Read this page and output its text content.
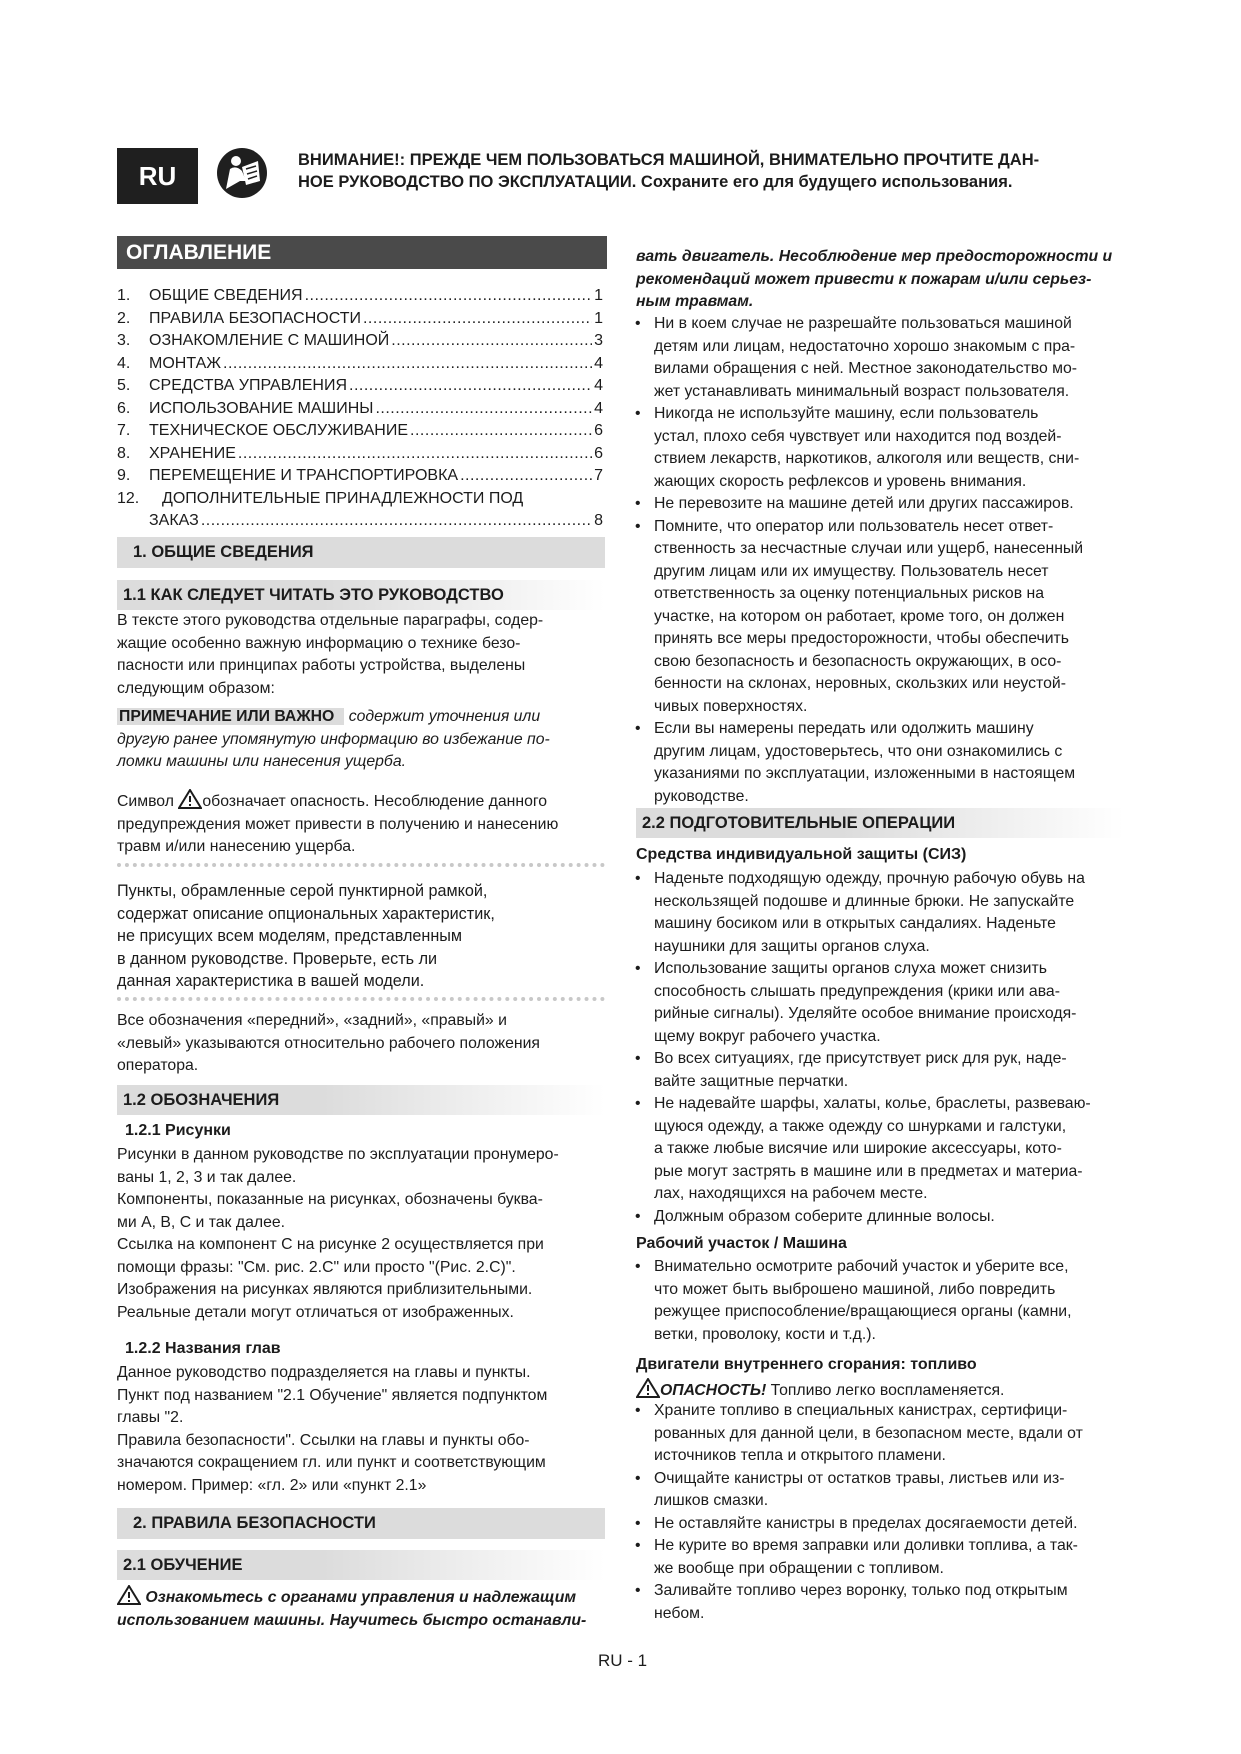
RU
ВНИМАНИЕ!: ПРЕЖДЕ ЧЕМ ПОЛЬЗОВАТЬСЯ МАШИНОЙ, ВНИМАТЕЛЬНО ПРОЧТИТЕ ДАН-
НОЕ РУКОВОДСТВО ПО ЭКСПЛУАТАЦИИ. Сохраните его для будущего использования.
ОГЛАВЛЕНИЕ
1.	ОБЩИЕ СВЕДЕНИЯ .....	1
2.	ПРАВИЛА БЕЗОПАСНОСТИ .....	1
3.	ОЗНАКОМЛЕНИЕ С МАШИНОЙ .....	3
4.	МОНТАЖ .....	4
5.	СРЕДСТВА УПРАВЛЕНИЯ .....	4
6.	ИСПОЛЬЗОВАНИЕ МАШИНЫ .....	4
7.	ТЕХНИЧЕСКОЕ ОБСЛУЖИВАНИЕ .....	6
8.	ХРАНЕНИЕ .....	6
9.	ПЕРЕМЕЩЕНИЕ И ТРАНСПОРТИРОВКА .....	7
12.	ДОПОЛНИТЕЛЬНЫЕ ПРИНАДЛЕЖНОСТИ ПОД
ЗАКАЗ .....	8
1. ОБЩИЕ СВЕДЕНИЯ
1.1 КАК СЛЕДУЕТ ЧИТАТЬ ЭТО РУКОВОДСТВО
В тексте этого руководства отдельные парагрaфы, содер-
жащие особенно важную информацию о технике безо-
пасности или принципах работы устройства, выделены
следующим образом:
ПРИМЕЧАНИЕ ИЛИ ВАЖНО содержит уточнения или
другую ранее упомянутую информацию во избежание по-
ломки машины или нанесения ущерба.
Символ обозначает опасность. Несоблюдение данного
предупреждения может привести в получению и нанесению
травм и/или нанесению ущерба.
Пункты, обрамленные серой пунктирной рамкой,
содержат описание опциональных характеристик,
не присущих всем моделям, представленным
в данном руководстве. Проверьте, есть ли
данная характеристика в вашей модели.
Все обозначения «передний», «задний», «правый» и
«левый» указываются относительно рабочего положения
оператора.
1.2 ОБОЗНАЧЕНИЯ
1.2.1 Рисунки
Рисунки в данном руководстве по эксплуатации пронумеро-
ваны 1, 2, 3 и так далее.
Компоненты, показанные на рисунках, обозначены буква-
ми A, B, C и так далее.
Ссылка на компонент C на рисунке 2 осуществляется при
помощи фразы: "См. рис. 2.C" или просто "(Рис. 2.C)".
Изображения на рисунках являются приблизительными.
Реальные детали могут отличаться от изображенных.
1.2.2 Названия глав
Данное руководство подразделяется на главы и пункты.
Пункт под названием "2.1 Обучение" является подпунктом
главы "2.
Правила безопасности". Ссылки на главы и пункты обо-
значаются сокращением гл. или пункт и соответствующим
номером. Пример: «гл. 2» или «пункт 2.1»
2. ПРАВИЛА БЕЗОПАСНОСТИ
2.1 ОБУЧЕНИЕ
Ознакомьтесь с органами управления и надлежащим
использованием машины. Научитесь быстро останавли-
вать двигатель. Несоблюдение мер предосторожности и
рекомендаций может привести к пожарам и/или серьез-
ным травмам.
• Ни в коем случае не разрешайте пользоваться машиной
детям или лицам, недостаточно хорошо знакомым с пра-
вилами обращения с ней. Местное законодательство мо-
жет устанавливать минимальный возраст пользователя.
• Никогда не используйте машину, если пользователь
устал, плохо себя чувствует или находится под воздей-
ствием лекарств, наркотиков, алкоголя или веществ, сни-
жающих скорость рефлексов и уровень внимания.
• Не перевозите на машине детей или других пассажиров.
• Помните, что оператор или пользователь несет ответ-
ственность за несчастные случаи или ущерб, нанесенный
другим лицам или их имуществу. Пользователь несет
ответственность за оценку потенциальных рисков на
участке, на котором он работает, кроме того, он должен
принять все меры предосторожности, чтобы обеспечить
свою безопасность и безопасность окружающих, в осо-
бенности на склонах, неровных, скользких или неустой-
чивых поверхностях.
• Если вы намерены передать или одолжить машину
другим лицам, удостоверьтесь, что они ознакомились с
указаниями по эксплуатации, изложенными в настоящем
руководстве.
2.2 ПОДГОТОВИТЕЛЬНЫЕ ОПЕРАЦИИ
Средства индивидуальной защиты (СИЗ)
• Наденьте подходящую одежду, прочную рабочую обувь на
нескользящей подошве и длинные брюки. Не запускайте
машину босиком или в открытых сандалиях. Наденьте
наушники для защиты органов слуха.
• Использование защиты органов слуха может снизить
способность слышать предупреждения (крики или ава-
рийные сигналы). Уделяйте особое внимание происходя-
щему вокруг рабочего участка.
• Во всех ситуациях, где присутствует риск для рук, наде-
вайте защитные перчатки.
• Не надевайте шарфы, халаты, колье, браслеты, развеваю-
щуюся одежду, а также одежду со шнурками и галстуки,
а также любые висячие или широкие аксессуары, кото-
рые могут застрять в машине или в предметах и материа-
лах, находящихся на рабочем месте.
• Должным образом соберите длинные волосы.
Рабочий участок / Машина
• Внимательно осмотрите рабочий участок и уберите все,
что может быть выброшено машиной, либо повредить
режущее приспособление/вращающиеся органы (камни,
ветки, проволоку, кости и т.д.).
Двигатели внутреннего сгорания: топливо
ОПАСНОСТЬ! Топливо легко воспламеняется.
• Храните топливо в специальных канистрах, сертифици-
рованных для данной цели, в безопасном месте, вдали от
источников тепла и открытого пламени.
• Очищайте канистры от остатков травы, листьев или из-
лишков смазки.
• Не оставляйте канистры в пределах досягаемости детей.
• Не курите во время заправки или доливки топлива, а так-
же вообще при обращении с топливом.
• Заливайте топливо через воронку, только под открытым
небом.
RU - 1
